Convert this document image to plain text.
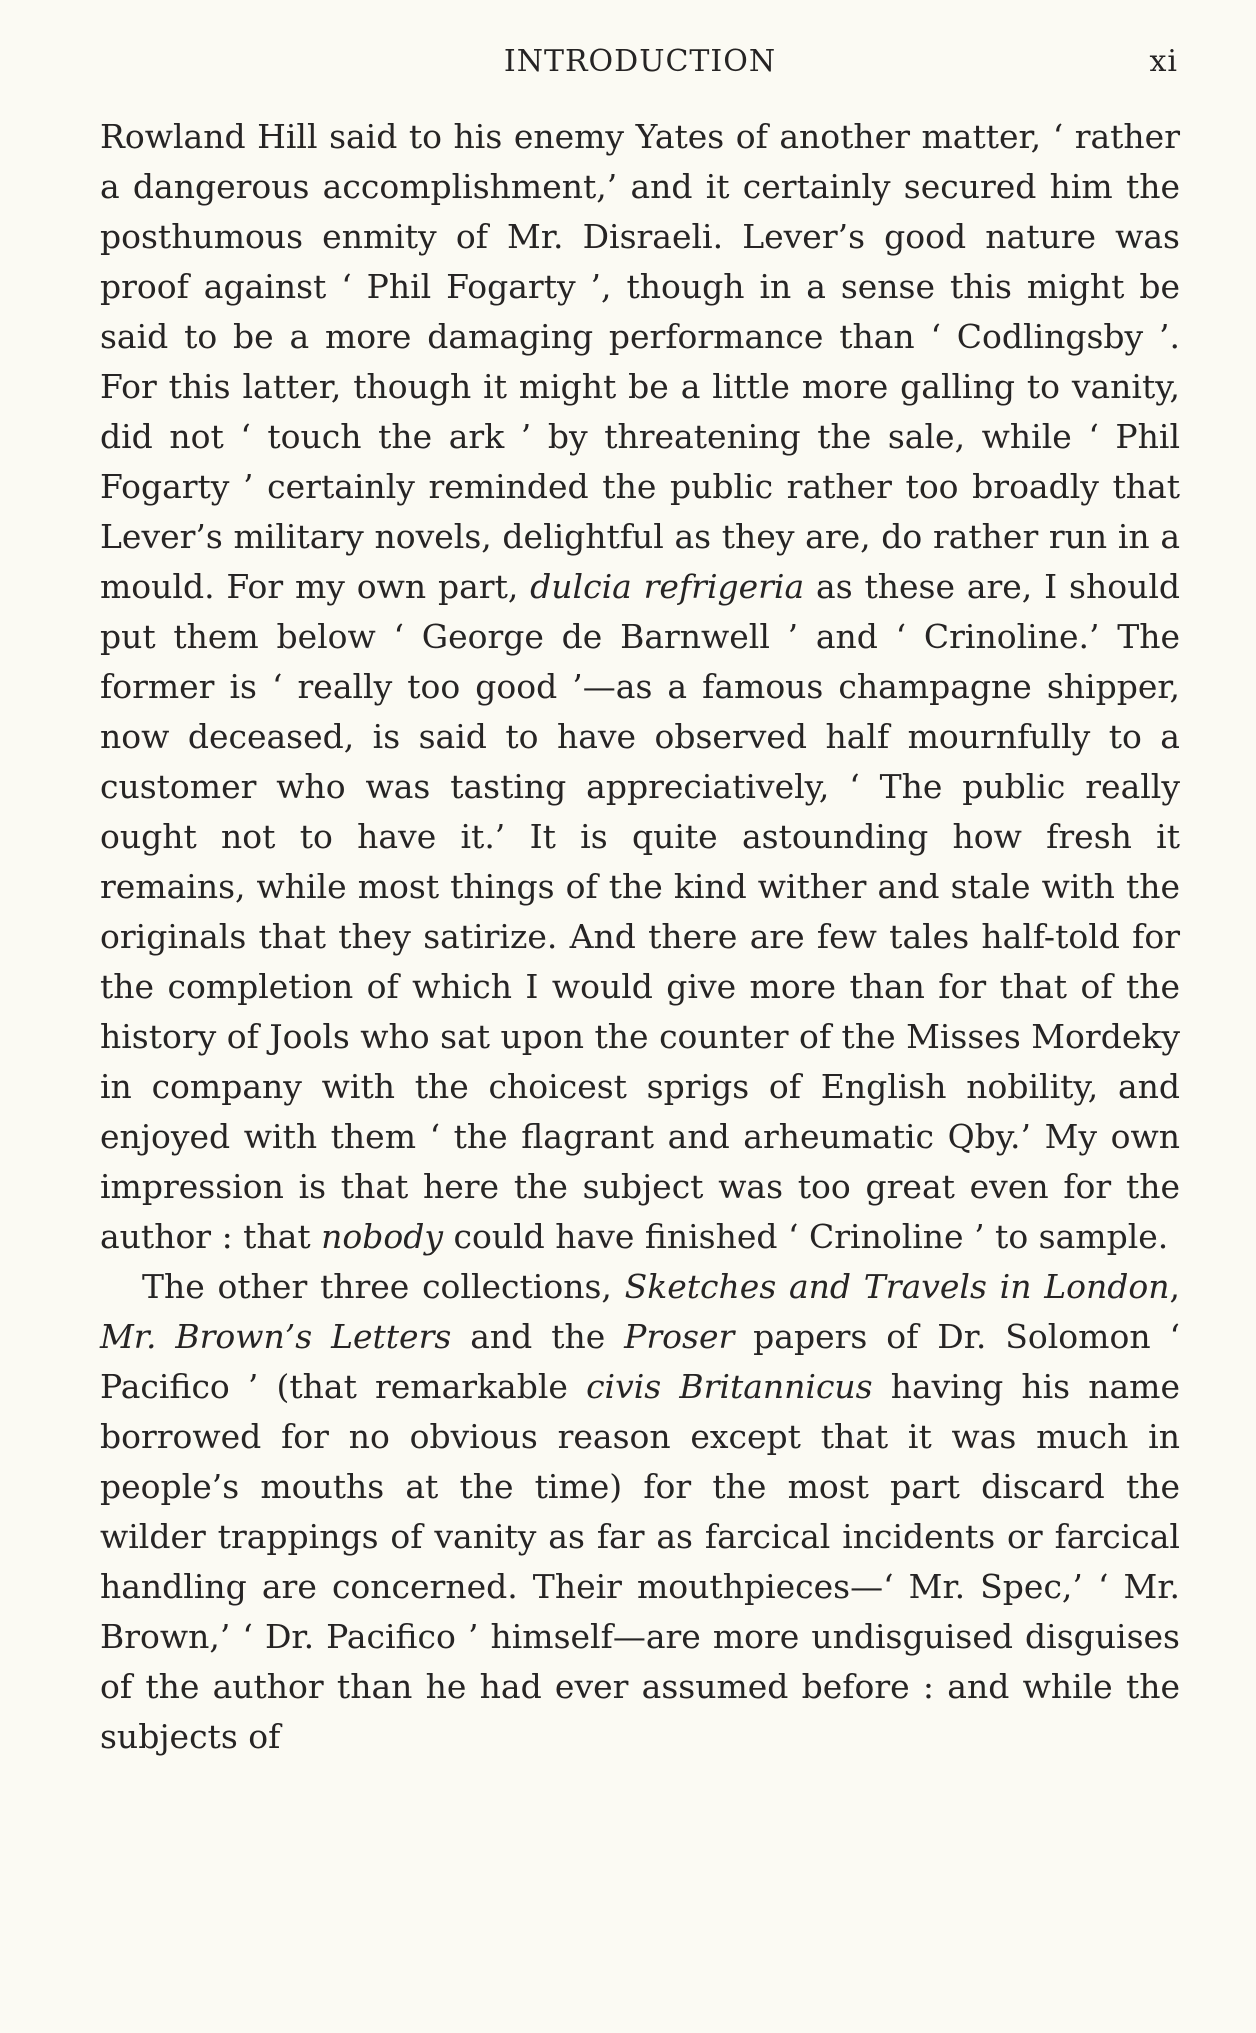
INTRODUCTION	xi

Rowland Hill said to his enemy Yates of another matter, ‘ rather a dangerous accomplishment,’ and it certainly secured him the posthumous enmity of Mr. Disraeli. Lever’s good nature was proof against ‘ Phil Fogarty ’, though in a sense this might be said to be a more damaging performance than ‘ Codlingsby ’. For this latter, though it might be a little more galling to vanity, did not ‘ touch the ark ’ by threatening the sale, while ‘ Phil Fogarty ’ certainly reminded the public rather too broadly that Lever’s military novels, delightful as they are, do rather run in a mould. For my own part, dulcia refrigeria as these are, I should put them below ‘ George de Barnwell ’ and ‘ Crinoline.’ The former is ‘ really too good ’—as a famous champagne shipper, now deceased, is said to have observed half mournfully to a customer who was tasting appreciatively, ‘ The public really ought not to have it.’ It is quite astounding how fresh it remains, while most things of the kind wither and stale with the originals that they satirize. And there are few tales half-told for the completion of which I would give more than for that of the history of Jools who sat upon the counter of the Misses Mordeky in company with the choicest sprigs of English nobility, and enjoyed with them ‘ the flagrant and arheumatic Qby.’ My own impression is that here the subject was too great even for the author : that nobody could have finished ‘ Crinoline ’ to sample.

The other three collections, Sketches and Travels in London, Mr. Brown’s Letters and the Proser papers of Dr. Solomon ‘ Pacifico ’ (that remarkable civis Britannicus having his name borrowed for no obvious reason except that it was much in people’s mouths at the time) for the most part discard the wilder trappings of vanity as far as farcical incidents or farcical handling are concerned. Their mouthpieces—‘ Mr. Spec,’ ‘ Mr. Brown,’ ‘ Dr. Pacifico ’ himself—are more undisguised disguises of the author than he had ever assumed before : and while the subjects of
